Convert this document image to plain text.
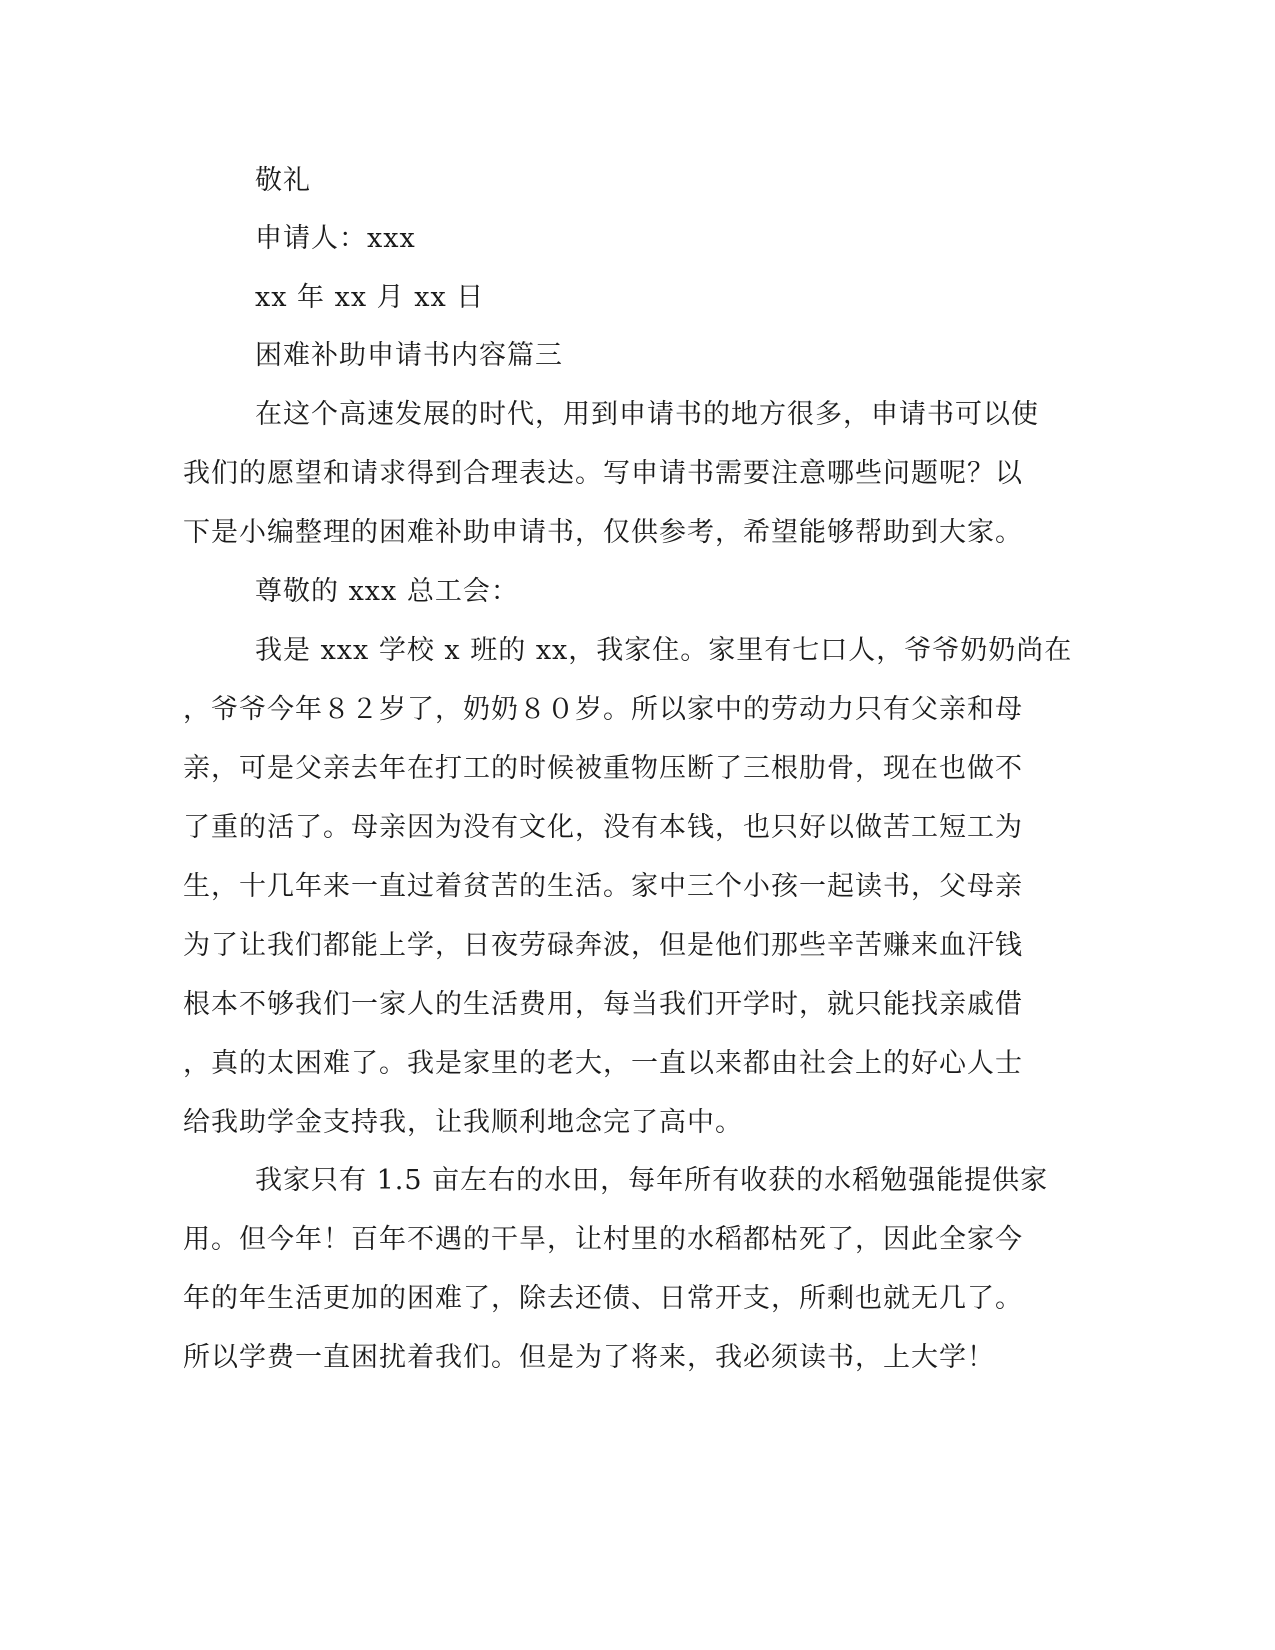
敬礼
申请人：xxx
xx 年 xx 月 xx 日
困难补助申请书内容篇三
在这个高速发展的时代，用到申请书的地方很多，申请书可以使
我们的愿望和请求得到合理表达。写申请书需要注意哪些问题呢？以
下是小编整理的困难补助申请书，仅供参考，希望能够帮助到大家。
尊敬的 xxx 总工会：
我是 xxx 学校 x 班的 xx，我家住。家里有七口人，爷爷奶奶尚在
，爷爷今年８２岁了，奶奶８０岁。所以家中的劳动力只有父亲和母
亲，可是父亲去年在打工的时候被重物压断了三根肋骨，现在也做不
了重的活了。母亲因为没有文化，没有本钱，也只好以做苦工短工为
生，十几年来一直过着贫苦的生活。家中三个小孩一起读书，父母亲
为了让我们都能上学，日夜劳碌奔波，但是他们那些辛苦赚来血汗钱
根本不够我们一家人的生活费用，每当我们开学时，就只能找亲戚借
，真的太困难了。我是家里的老大，一直以来都由社会上的好心人士
给我助学金支持我，让我顺利地念完了高中。
我家只有 1.5 亩左右的水田，每年所有收获的水稻勉强能提供家
用。但今年！百年不遇的干旱，让村里的水稻都枯死了，因此全家今
年的年生活更加的困难了，除去还债、日常开支，所剩也就无几了。
所以学费一直困扰着我们。但是为了将来，我必须读书，上大学！
